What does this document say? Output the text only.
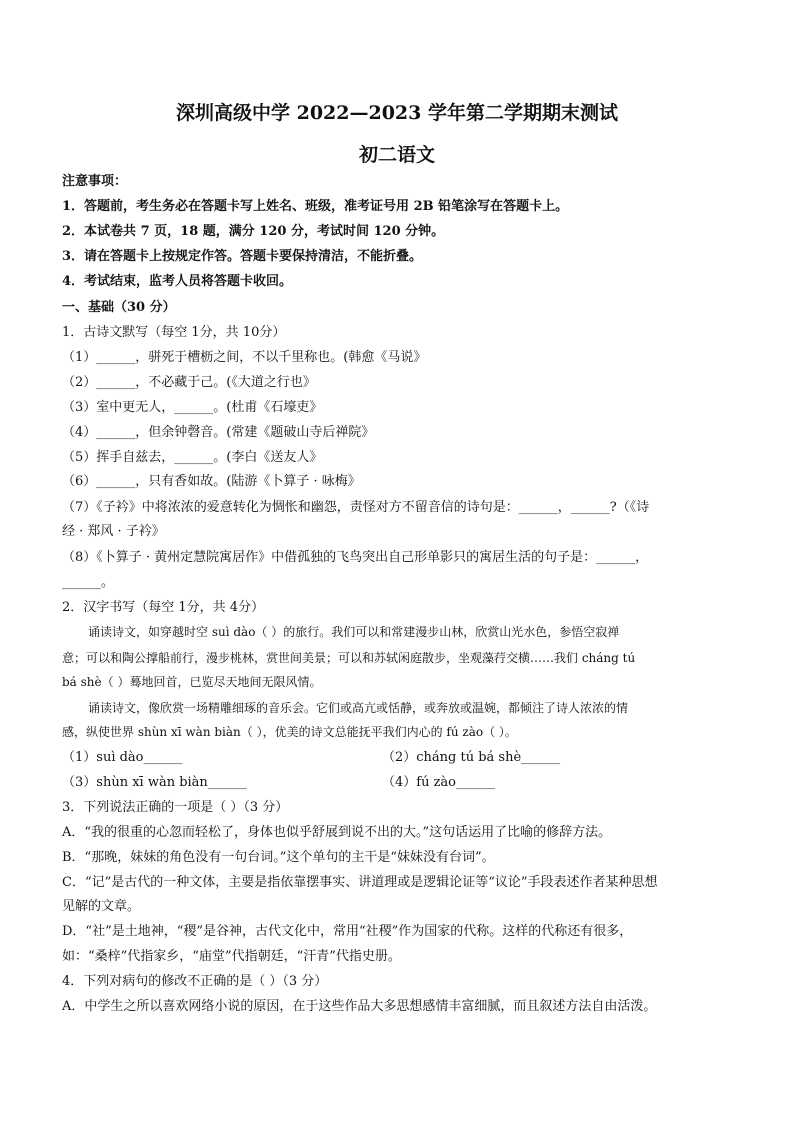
深圳高级中学 2022—2023 学年第二学期期末测试
初二语文
注意事项：
1．答题前，考生务必在答题卡写上姓名、班级，准考证号用 2B 铅笔涂写在答题卡上。
2．本试卷共 7 页，18 题，满分 120 分，考试时间 120 分钟。
3．请在答题卡上按规定作答。答题卡要保持清洁，不能折叠。
4．考试结束，监考人员将答题卡收回。
一、基础（30 分）
1．古诗文默写（每空 1分，共 10分）
（1）______，骈死于槽枥之间，不以千里称也。(韩愈《马说》
（2）______，不必藏于己。(《大道之行也》
（3）室中更无人，______。(杜甫《石壕吏》
（4）______，但余钟磬音。(常建《题破山寺后禅院》
（5）挥手自兹去，______。(李白《送友人》
（6）______，只有香如故。(陆游《卜算子 · 咏梅》
（7）《子衿》中将浓浓的爱意转化为惆怅和幽怨，责怪对方不留音信的诗句是：______，______?（《诗
经 · 郑风 · 子衿》
（8）《卜算子 · 黄州定慧院寓居作》中借孤独的飞鸟突出自己形单影只的寓居生活的句子是：______，
______。
2．汉字书写（每空 1分，共 4分）
诵读诗文，如穿越时空 suì dào（ ）的旅行。我们可以和常建漫步山林，欣赏山光水色，参悟空寂禅
意；可以和陶公撑船前行，漫步桃林，赏世间美景；可以和苏轼闲庭散步，坐观藻荇交横……我们 cháng tú
bá shè（ ）蓦地回首，已览尽天地间无限风情。
诵读诗文，像欣赏一场精雕细琢的音乐会。它们或高亢或恬静，或奔放或温婉，都倾注了诗人浓浓的情
感，纵使世界 shùn xī wàn biàn（ ），优美的诗文总能抚平我们内心的 fú zào（ ）。
（1）suì dào______	（2）cháng tú bá shè______
（3）shùn xī wàn biàn______	（4）fú zào______
3．下列说法正确的一项是（ ）（3 分）
A．“我的很重的心忽而轻松了，身体也似乎舒展到说不出的大。”这句话运用了比喻的修辞方法。
B．“那晚，妹妹的角色没有一句台词。”这个单句的主干是“妹妹没有台词”。
C．“记”是古代的一种文体，主要是指依靠摆事实、讲道理或是逻辑论证等“议论”手段表述作者某种思想
见解的文章。
D．“社”是土地神，“稷”是谷神，古代文化中，常用“社稷”作为国家的代称。这样的代称还有很多，
如：“桑梓”代指家乡，“庙堂”代指朝廷，“汗青”代指史册。
4．下列对病句的修改不正确的是（ ）（3 分）
A．中学生之所以喜欢网络小说的原因，在于这些作品大多思想感情丰富细腻，而且叙述方法自由活泼。
